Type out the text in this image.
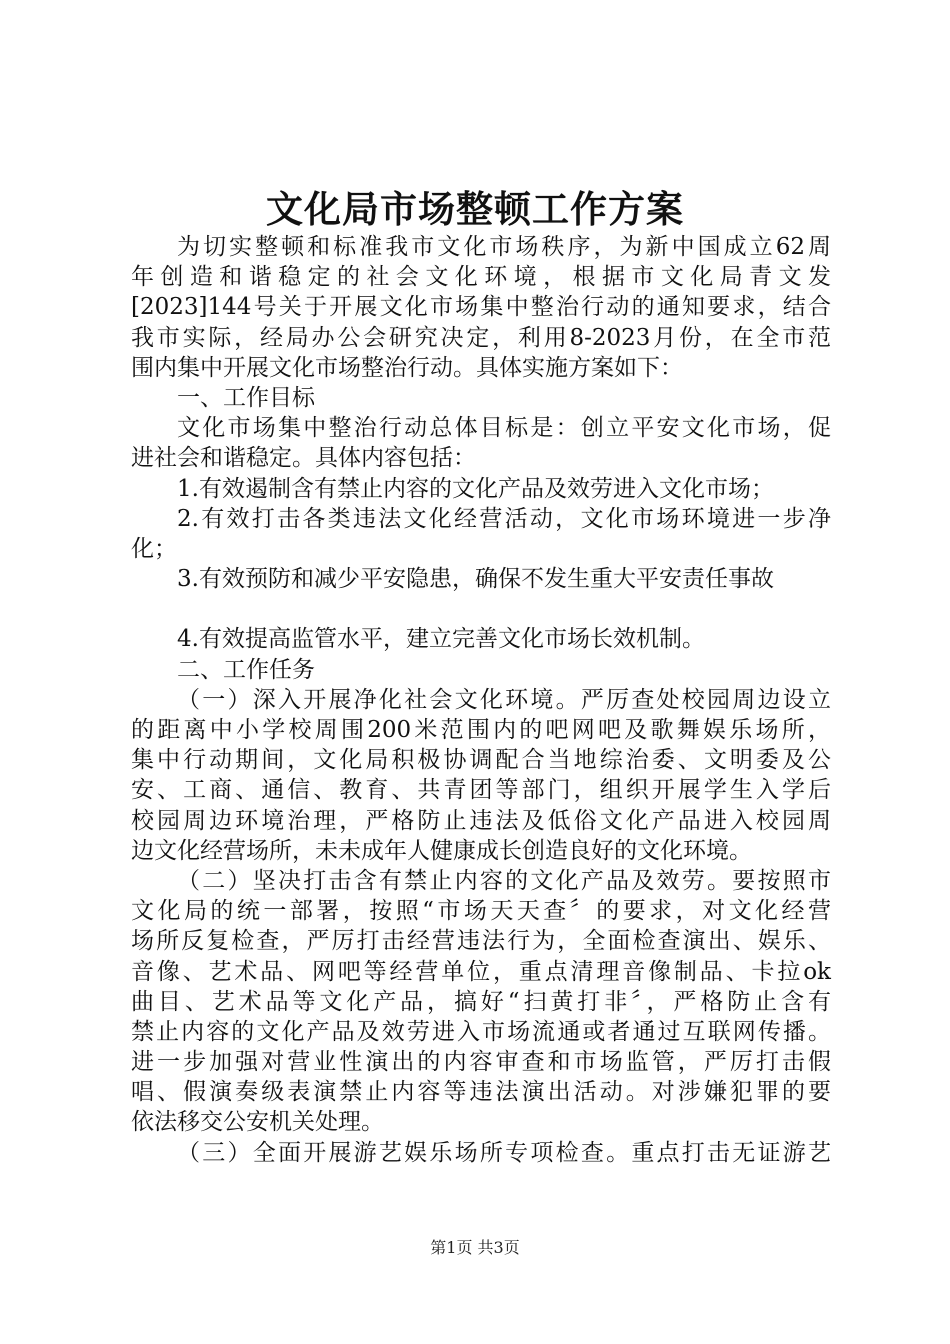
文化局市场整顿工作方案
为切实整顿和标准我市文化市场秩序，为新中国成立62周
年创造和谐稳定的社会文化环境，根据市文化局青文发
[2023]144号关于开展文化市场集中整治行动的通知要求，结合
我市实际，经局办公会研究决定，利用8-2023月份，在全市范
围内集中开展文化市场整治行动。具体实施方案如下：
一、工作目标
文化市场集中整治行动总体目标是：创立平安文化市场，促
进社会和谐稳定。具体内容包括：
1.有效遏制含有禁止内容的文化产品及效劳进入文化市场；
2.有效打击各类违法文化经营活动，文化市场环境进一步净
化；
3.有效预防和减少平安隐患，确保不发生重大平安责任事故
4.有效提高监管水平，建立完善文化市场长效机制。
二、工作任务
（一）深入开展净化社会文化环境。严厉查处校园周边设立
的距离中小学校周围200米范围内的吧网吧及歌舞娱乐场所，
集中行动期间，文化局积极协调配合当地综治委、文明委及公
安、工商、通信、教育、共青团等部门，组织开展学生入学后
校园周边环境治理，严格防止违法及低俗文化产品进入校园周
边文化经营场所，未未成年人健康成长创造良好的文化环境。
（二）坚决打击含有禁止内容的文化产品及效劳。要按照市
文化局的统一部署，按照“市场天天查〞的要求，对文化经营
场所反复检查，严厉打击经营违法行为，全面检查演出、娱乐、
音像、艺术品、网吧等经营单位，重点清理音像制品、卡拉ok
曲目、艺术品等文化产品，搞好“扫黄打非〞，严格防止含有
禁止内容的文化产品及效劳进入市场流通或者通过互联网传播。
进一步加强对营业性演出的内容审查和市场监管，严厉打击假
唱、假演奏级表演禁止内容等违法演出活动。对涉嫌犯罪的要
依法移交公安机关处理。
（三）全面开展游艺娱乐场所专项检查。重点打击无证游艺
第1页 共3页
